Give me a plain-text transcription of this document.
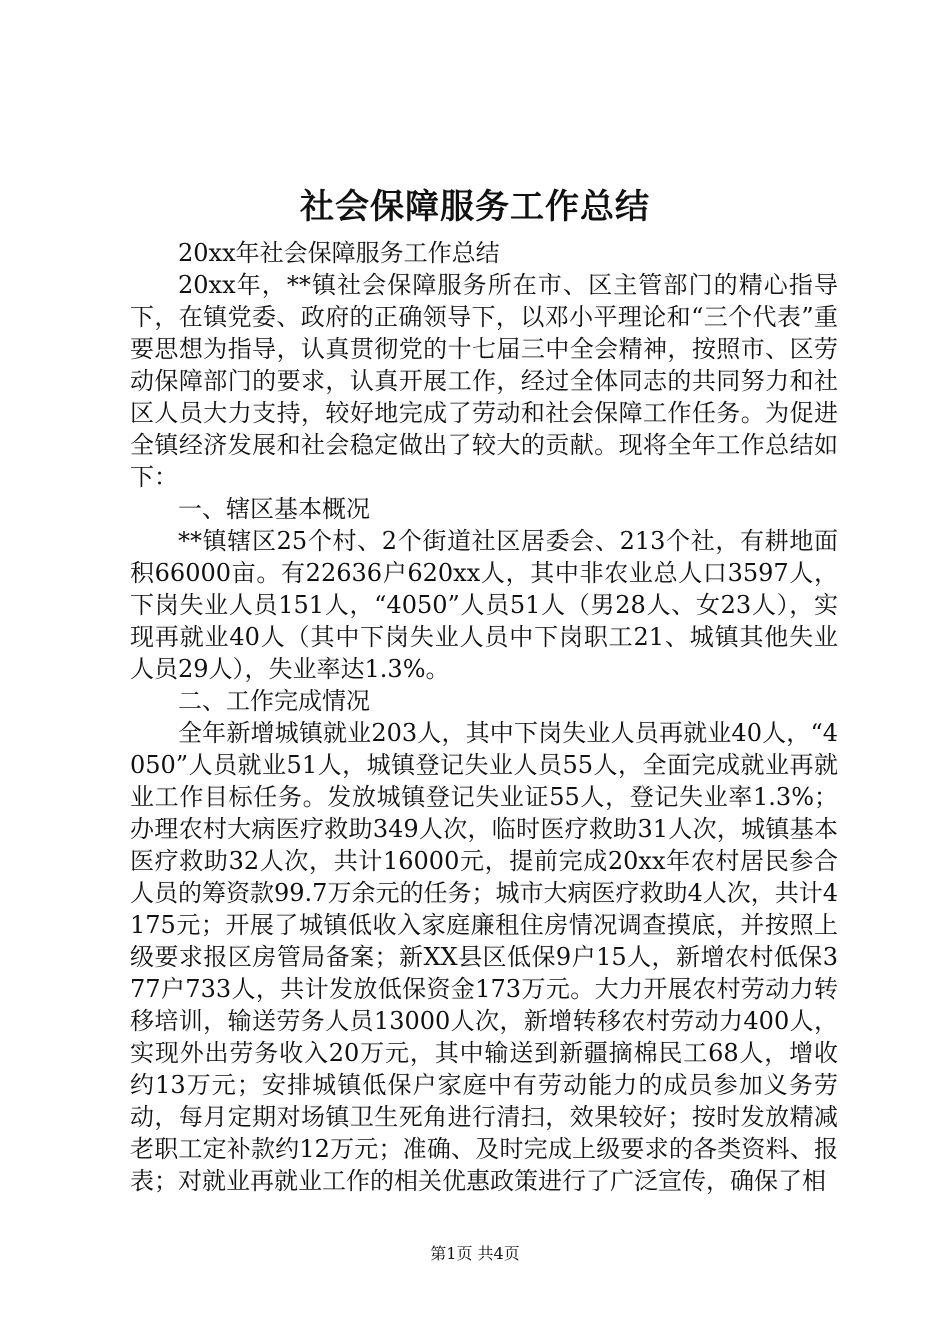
社会保障服务工作总结

20xx年社会保障服务工作总结

20xx年，**镇社会保障服务所在市、区主管部门的精心指导下，在镇党委、政府的正确领导下，以邓小平理论和“三个代表”重要思想为指导，认真贯彻党的十七届三中全会精神，按照市、区劳动保障部门的要求，认真开展工作，经过全体同志的共同努力和社区人员大力支持，较好地完成了劳动和社会保障工作任务。为促进全镇经济发展和社会稳定做出了较大的贡献。现将全年工作总结如下：

一、辖区基本概况

**镇辖区25个村、2个街道社区居委会、213个社，有耕地面积66000亩。有22636户620xx人，其中非农业总人口3597人，下岗失业人员151人，“4050”人员51人（男28人、女23人），实现再就业40人（其中下岗失业人员中下岗职工21、城镇其他失业人员29人），失业率达1.3%。

二、工作完成情况

全年新增城镇就业203人，其中下岗失业人员再就业40人，“4050”人员就业51人，城镇登记失业人员55人，全面完成就业再就业工作目标任务。发放城镇登记失业证55人，登记失业率1.3%；办理农村大病医疗救助349人次，临时医疗救助31人次，城镇基本医疗救助32人次，共计16000元，提前完成20xx年农村居民参合人员的筹资款99.7万余元的任务；城市大病医疗救助4人次，共计4175元；开展了城镇低收入家庭廉租住房情况调查摸底，并按照上级要求报区房管局备案；新XX县区低保9户15人，新增农村低保377户733人，共计发放低保资金173万元。大力开展农村劳动力转移培训，输送劳务人员13000人次，新增转移农村劳动力400人，实现外出劳务收入20万元，其中输送到新疆摘棉民工68人，增收约13万元；安排城镇低保户家庭中有劳动能力的成员参加义务劳动，每月定期对场镇卫生死角进行清扫，效果较好；按时发放精减老职工定补款约12万元；准确、及时完成上级要求的各类资料、报表；对就业再就业工作的相关优惠政策进行了广泛宣传，确保了相

第1页 共4页
